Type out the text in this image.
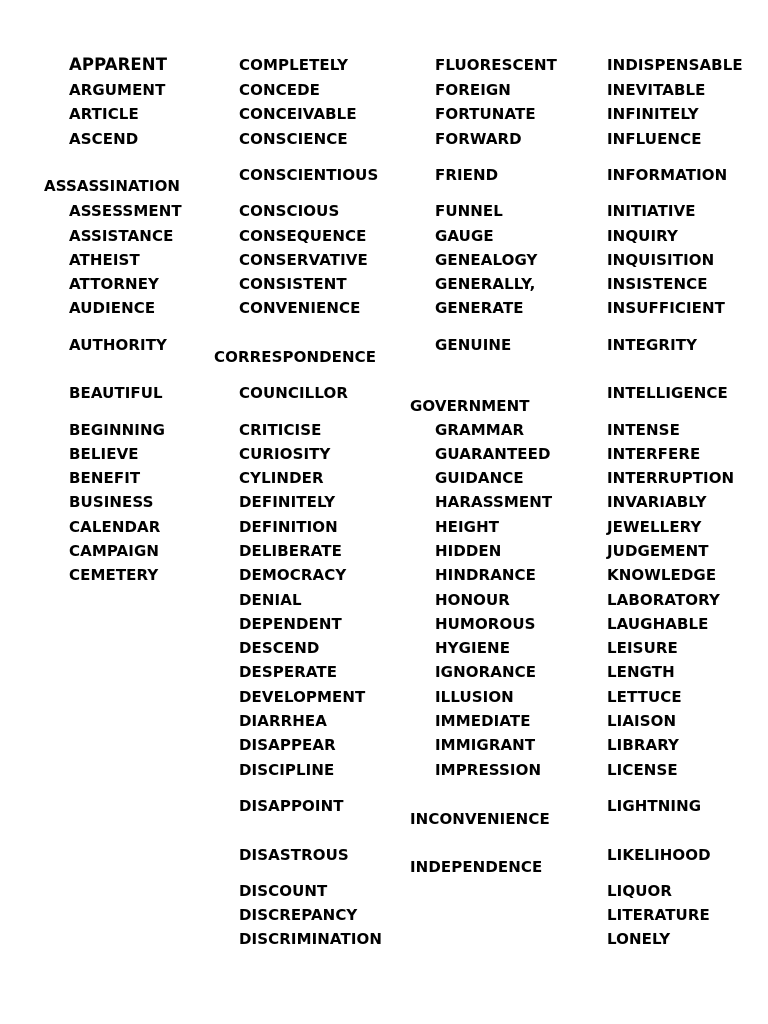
APPARENT
ARGUMENT
ARTICLE
ASCEND
ASSASSINATION
ASSESSMENT
ASSISTANCE
ATHEIST
ATTORNEY
AUDIENCE
AUTHORITY
BEAUTIFUL
BEGINNING
BELIEVE
BENEFIT
BUSINESS
CALENDAR
CAMPAIGN
CEMETERY
COMPLETELY
CONCEDE
CONCEIVABLE
CONSCIENCE
CONSCIENTIOUS
CONSCIOUS
CONSEQUENCE
CONSERVATIVE
CONSISTENT
CONVENIENCE
CORRESPONDENCE
COUNCILLOR
CRITICISE
CURIOSITY
CYLINDER
DEFINITELY
DEFINITION
DELIBERATE
DEMOCRACY
DENIAL
DEPENDENT
DESCEND
DESPERATE
DEVELOPMENT
DIARRHEA
DISAPPEAR
DISCIPLINE
DISAPPOINT
DISASTROUS
DISCOUNT
DISCREPANCY
DISCRIMINATION
FLUORESCENT
FOREIGN
FORTUNATE
FORWARD
FRIEND
FUNNEL
GAUGE
GENEALOGY
GENERALLY,
GENERATE
GENUINE
GOVERNMENT
GRAMMAR
GUARANTEED
GUIDANCE
HARASSMENT
HEIGHT
HIDDEN
HINDRANCE
HONOUR
HUMOROUS
HYGIENE
IGNORANCE
ILLUSION
IMMEDIATE
IMMIGRANT
IMPRESSION
INCONVENIENCE
INDEPENDENCE
INDISPENSABLE
INEVITABLE
INFINITELY
INFLUENCE
INFORMATION
INITIATIVE
INQUIRY
INQUISITION
INSISTENCE
INSUFFICIENT
INTEGRITY
INTELLIGENCE
INTENSE
INTERFERE
INTERRUPTION
INVARIABLY
JEWELLERY
JUDGEMENT
KNOWLEDGE
LABORATORY
LAUGHABLE
LEISURE
LENGTH
LETTUCE
LIAISON
LIBRARY
LICENSE
LIGHTNING
LIKELIHOOD
LIQUOR
LITERATURE
LONELY
